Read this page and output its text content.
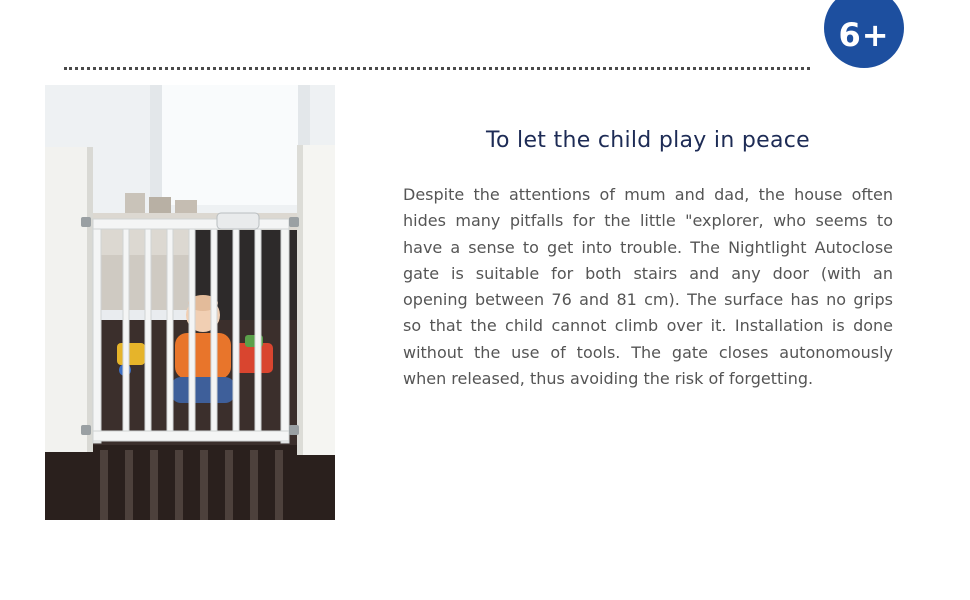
6+
To let the child play in peace

Despite the attentions of mum and dad, the house often hides many pitfalls for the little "explorer, who seems to have a sense to get into trouble. The Nightlight Autoclose gate is suitable for both stairs and any door (with an opening between 76 and 81 cm). The surface has no grips so that the child cannot climb over it. Installation is done without the use of tools. The gate closes autonomously when released, thus avoiding the risk of forgetting.
